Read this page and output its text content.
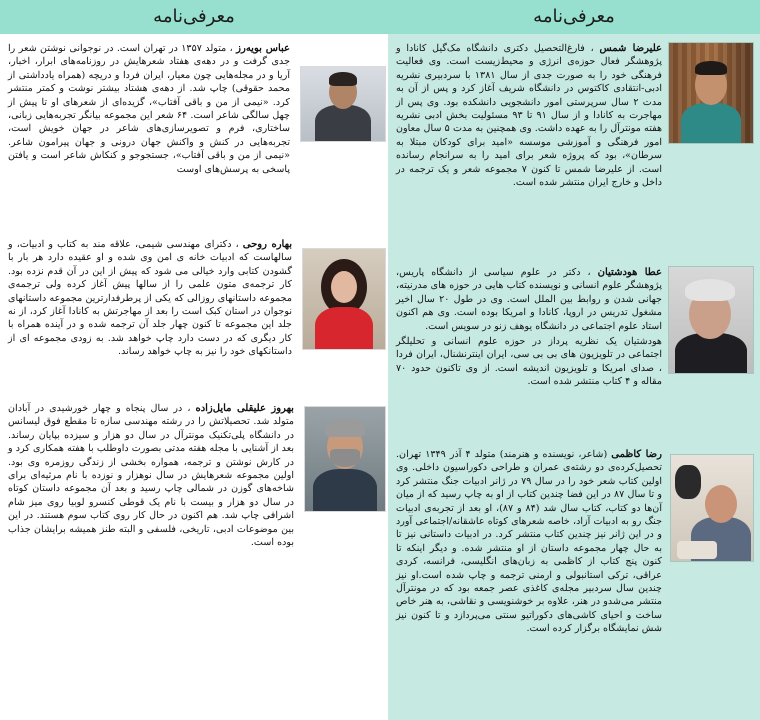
معرفی‌نامه
عباس بویه‌رز ، متولد ۱۳۵۷ در تهران است. در نوجوانی نوشتن شعر را جدی گرفت و در دهه‌ی هفتاد شعرهایش در روزنامه‌های ابرار، اخبار، آریا و در مجله‌هایی چون معیار، ایران فردا و دریچه (همراه یادداشتی از محمد حقوقی) چاپ شد. از دهه‌ی هشتاد بیشتر نوشت و کمتر منتشر کرد. «نیمی از من و باقی آفتاب»، گزیده‌ای از شعرهای او تا پیش از چهل سالگی شاعر است. ۶۴ شعر این مجموعه بیانگر تجربه‌هایی زبانی، ساختاری، فرم و تصویرسازی‌های شاعر در جهان خویش است، تجربه‌هایی در کنش و واکنش جهان درونی و جهان پیرامون شاعر. «نیمی از من و باقی آفتاب»، جستجوجو و کنکاش شاعر است و یافتن پاسخی به پرسش‌های اوست
بهاره روحی ، دکترای مهندسی شیمی، علاقه مند به کتاب و ادبیات، و سالهاست که ادبیات خانه ی امن وی شده و او عقیده دارد هر بار با گشودن کتابی وارد خیالی می شود که پیش از این در آن قدم نزده بود. کار ترجمه‌ی متون علمی را از سالها پیش آغاز کرده ولی ترجمه‌ی مجموعه داستانهای روزالی که یکی از پرطرفدارترین مجموعه داستانهای نوجوان در استان کبک است را بعد از مهاجرتش به کانادا آغاز کرد، از نه جلد این مجموعه تا کنون چهار جلد آن ترجمه شده و در آینده همراه با کار دیگری که در دست دارد چاپ خواهد شد. به زودی مجموعه ای از داستانکهای خود را نیز به چاپ خواهد رساند.
بهروز علیقلی مایل‌زاده ، در سال پنجاه و چهار خورشیدی در آبادان متولد شد. تحصیلاتش را در رشته مهندسی سازه تا مقطع فوق لیسانس در دانشگاه پلی‌تکنیک مونترآل در سال دو هزار و سیزده بپایان رساند. بعد از آشنایی با مجله هفته مدتی بصورت داوطلب با هفته همکاری کرد و در کارش نوشتن و ترجمه، همواره بخشی از زندگی روزمره وی بود. اولین مجموعه شعرهایش در سال نوهزار و نوزده با نام مرثیه‌ای برای شاخه‌های گوزن در شمالی چاپ رسید و بعد آن مجموعه داستان کوتاه در سال دو هزار و بیست با نام یک قوطی کنسرو لوبیا روی میز شام اشرافی چاپ شد. هم اکنون در حال کار روی کتاب سوم هستند. در این بین موضوعات ادبی، تاریخی، فلسفی و البته طنز همیشه برایشان جذاب بوده است.
معرفی‌نامه
علیرضا شمس ، فارغ‌التحصیل دکتری دانشگاه مک‌گیل کانادا و پژوهشگر فعال حوزه‌ی انرژی و محیط‌زیست است. وی فعالیت فرهنگی خود را به صورت جدی از سال ۱۳۸۱ با سردبیری نشریه ادبی-انتقادی کاکتوس در دانشگاه شریف آغاز کرد و پس از آن به مدت ۲ سال سرپرستی امور دانشجویی دانشکده بود. وی پس از مهاجرت به کانادا و از سال ۹۱ تا ۹۳ مسئولیت بخش ادبی نشریه هفته مونترآل را به عهده داشت. وی همچنین به مدت ۵ سال معاون امور فرهنگی و آموزشی موسسه «امید برای کودکان مبتلا به سرطان»، بود که پروژه شعر برای امید را به سرانجام رسانده است. از علیرضا شمس تا کنون ۷ مجموعه شعر و یک ترجمه در داخل و خارج ایران منتشر شده است.

عطا هودشتیان ، دکتر در علوم سیاسی از دانشگاه پاریس، پژوهشگر علوم انسانی و نویسنده کتاب هایی در حوزه های مدرنیته، جهانی شدن و روابط بین الملل است. وی در طول ۲۰ سال اخیر مشغول تدریس در اروپا، کانادا و امریکا بوده است. وی هم اکنون استاد علوم اجتماعی در دانشگاه یوهف زنو در سویس است.

هودشتیان یک نظریه پرداز در حوزه علوم انسانی و تحلیلگر اجتماعی در تلویزیون های بی بی سی، ایران اینترنشنال، ایران فردا ، صدای امریکا و تلویزیون اندیشه است. از وی تاکنون حدود ۷۰ مقاله و ۴ کتاب منتشر شده است.

رضا کاظمی (شاعر، نویسنده و هنرمند) متولد ۴ آذر ۱۳۴۹ تهران. تحصیل‌کرده‌ی دو رشته‌ی عمران و طراحی دکوراسیون داخلی. وی اولین کتاب شعر خود را در سال ۷۹ در ژانر ادبیات جنگ منتشر کرد و تا سال ۸۷ در این فضا چندین کتاب از او به چاپ رسید که از میان آن‌ها دو کتاب، کتاب سال شد (۸۴ و ۸۷)، او بعد از تجربه‌ی ادبیات جنگ رو به ادبیات آزاد، خاصه شعرهای کوتاه عاشقانه/اجتماعی آورد و در این ژانر نیز چندین کتاب منتشر کرد. در ادبیات داستانی نیز تا به حال چهار مجموعه داستان از او منتشر شده. و دیگر اینکه تا کنون پنج کتاب از کاظمی به زبان‌های انگلیسی، فرانسه، کردی عراقی، ترکی استانبولی و ارمنی ترجمه و چاپ شده است.او نیز چندین سال سردبیر مجله‌ی کاغذی عصر جمعه بود که در مونترآل منتشر می‌شدو در هنر، علاوه بر خوشنویسی و نقاشی، به هنر خاص ساخت و احیای کاشی‌های دکوراتیو سنتی می‌پردازد و تا کنون نیز شش نمایشگاه برگزار کرده است.
